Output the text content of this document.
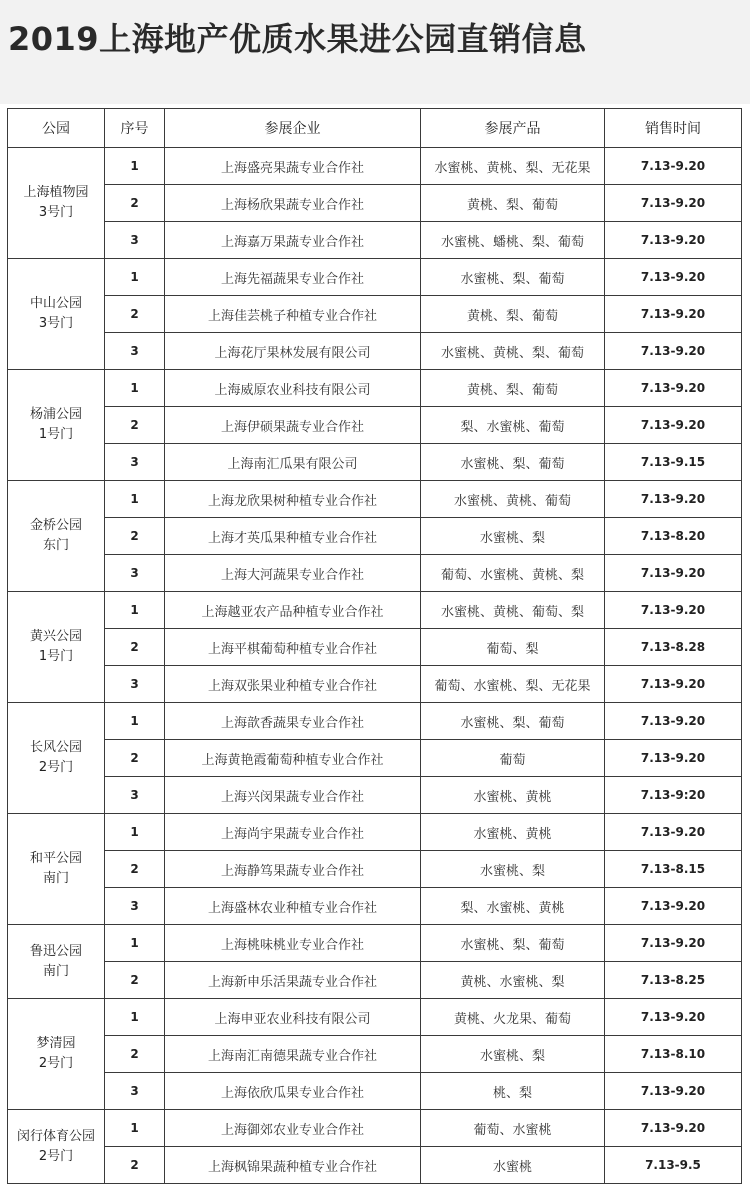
2019上海地产优质水果进公园直销信息
公园	序号	参展企业	参展产品	销售时间

上海植物园
3号门	1	上海盛亮果蔬专业合作社	水蜜桃、黄桃、梨、无花果	7.13-9.20
	2	上海杨欣果蔬专业合作社	黄桃、梨、葡萄	7.13-9.20
	3	上海嘉万果蔬专业合作社	水蜜桃、蟠桃、梨、葡萄	7.13-9.20

中山公园
3号门	1	上海先福蔬果专业合作社	水蜜桃、梨、葡萄	7.13-9.20
	2	上海佳芸桃子种植专业合作社	黄桃、梨、葡萄	7.13-9.20
	3	上海花厅果林发展有限公司	水蜜桃、黄桃、梨、葡萄	7.13-9.20

杨浦公园
1号门	1	上海威原农业科技有限公司	黄桃、梨、葡萄	7.13-9.20
	2	上海伊硕果蔬专业合作社	梨、水蜜桃、葡萄	7.13-9.20
	3	上海南汇瓜果有限公司	水蜜桃、梨、葡萄	7.13-9.15

金桥公园
东门	1	上海龙欣果树种植专业合作社	水蜜桃、黄桃、葡萄	7.13-9.20
	2	上海才英瓜果种植专业合作社	水蜜桃、梨	7.13-8.20
	3	上海大河蔬果专业合作社	葡萄、水蜜桃、黄桃、梨	7.13-9.20

黄兴公园
1号门	1	上海越亚农产品种植专业合作社	水蜜桃、黄桃、葡萄、梨	7.13-9.20
	2	上海平棋葡萄种植专业合作社	葡萄、梨	7.13-8.28
	3	上海双张果业种植专业合作社	葡萄、水蜜桃、梨、无花果	7.13-9.20

长风公园
2号门	1	上海歆香蔬果专业合作社	水蜜桃、梨、葡萄	7.13-9.20
	2	上海黄艳霞葡萄种植专业合作社	葡萄	7.13-9.20
	3	上海兴闵果蔬专业合作社	水蜜桃、黄桃	7.13-9:20

和平公园
南门	1	上海尚宇果蔬专业合作社	水蜜桃、黄桃	7.13-9.20
	2	上海静笃果蔬专业合作社	水蜜桃、梨	7.13-8.15
	3	上海盛林农业种植专业合作社	梨、水蜜桃、黄桃	7.13-9.20

鲁迅公园
南门	1	上海桃味桃业专业合作社	水蜜桃、梨、葡萄	7.13-9.20
	2	上海新申乐活果蔬专业合作社	黄桃、水蜜桃、梨	7.13-8.25

梦清园
2号门	1	上海申亚农业科技有限公司	黄桃、火龙果、葡萄	7.13-9.20
	2	上海南汇南德果蔬专业合作社	水蜜桃、梨	7.13-8.10
	3	上海依欣瓜果专业合作社	桃、梨	7.13-9.20

闵行体育公园
2号门	1	上海御郊农业专业合作社	葡萄、水蜜桃	7.13-9.20
	2	上海枫锦果蔬种植专业合作社	水蜜桃	7.13-9.5
